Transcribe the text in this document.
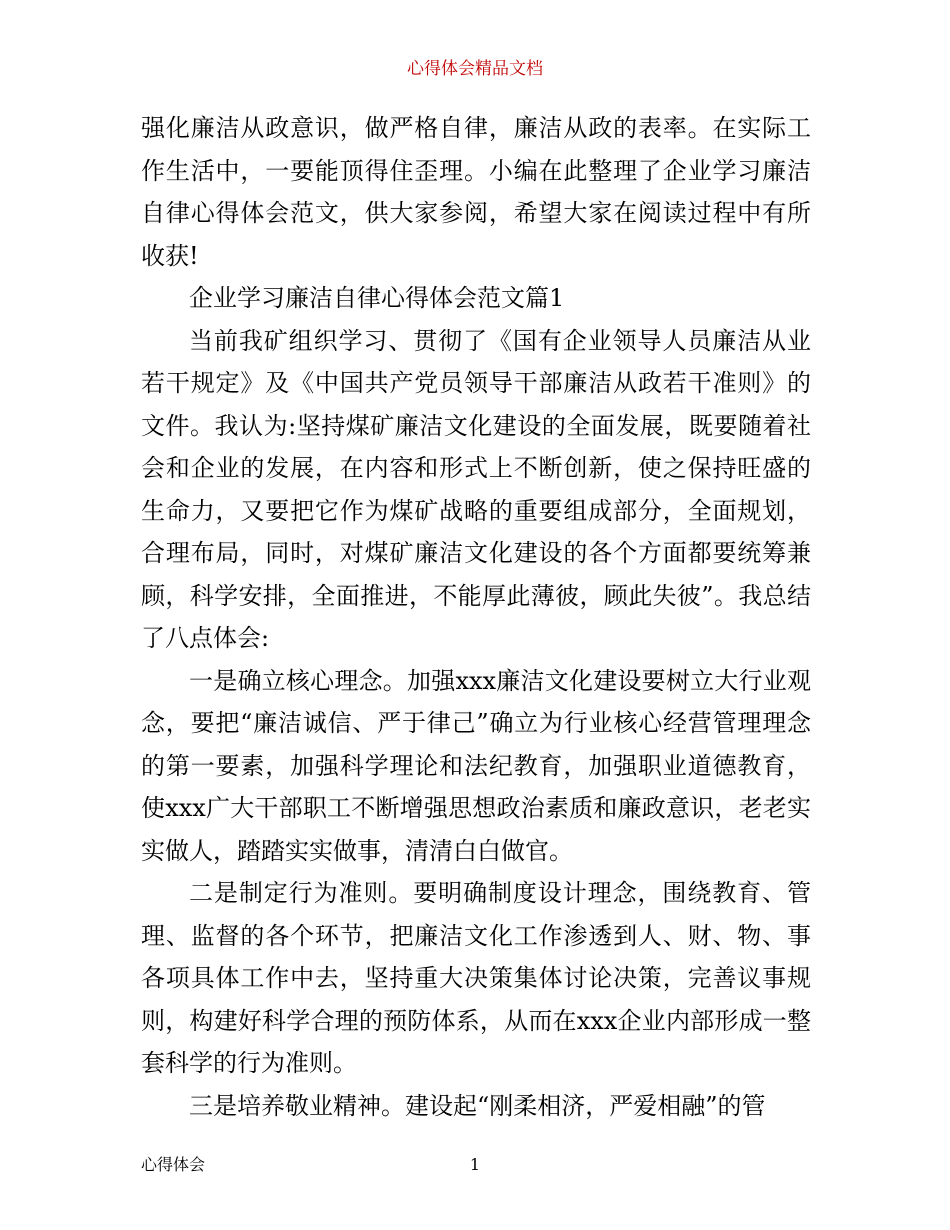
心得体会精品文档

强化廉洁从政意识，做严格自律，廉洁从政的表率。在实际工作生活中，一要能顶得住歪理。小编在此整理了企业学习廉洁自律心得体会范文，供大家参阅，希望大家在阅读过程中有所收获!

企业学习廉洁自律心得体会范文篇1

当前我矿组织学习、贯彻了《国有企业领导人员廉洁从业若干规定》及《中国共产党员领导干部廉洁从政若干准则》的文件。我认为:坚持煤矿廉洁文化建设的全面发展，既要随着社会和企业的发展，在内容和形式上不断创新，使之保持旺盛的生命力，又要把它作为煤矿战略的重要组成部分，全面规划，合理布局，同时，对煤矿廉洁文化建设的各个方面都要统筹兼顾，科学安排，全面推进，不能厚此薄彼，顾此失彼”。我总结了八点体会:

一是确立核心理念。加强xxx廉洁文化建设要树立大行业观念，要把“廉洁诚信、严于律己”确立为行业核心经营管理理念的第一要素，加强科学理论和法纪教育，加强职业道德教育，使xxx广大干部职工不断增强思想政治素质和廉政意识，老老实实做人，踏踏实实做事，清清白白做官。

二是制定行为准则。要明确制度设计理念，围绕教育、管理、监督的各个环节，把廉洁文化工作渗透到人、财、物、事各项具体工作中去，坚持重大决策集体讨论决策，完善议事规则，构建好科学合理的预防体系，从而在xxx企业内部形成一整套科学的行为准则。

三是培养敬业精神。建设起“刚柔相济，严爱相融”的管

心得体会	1
